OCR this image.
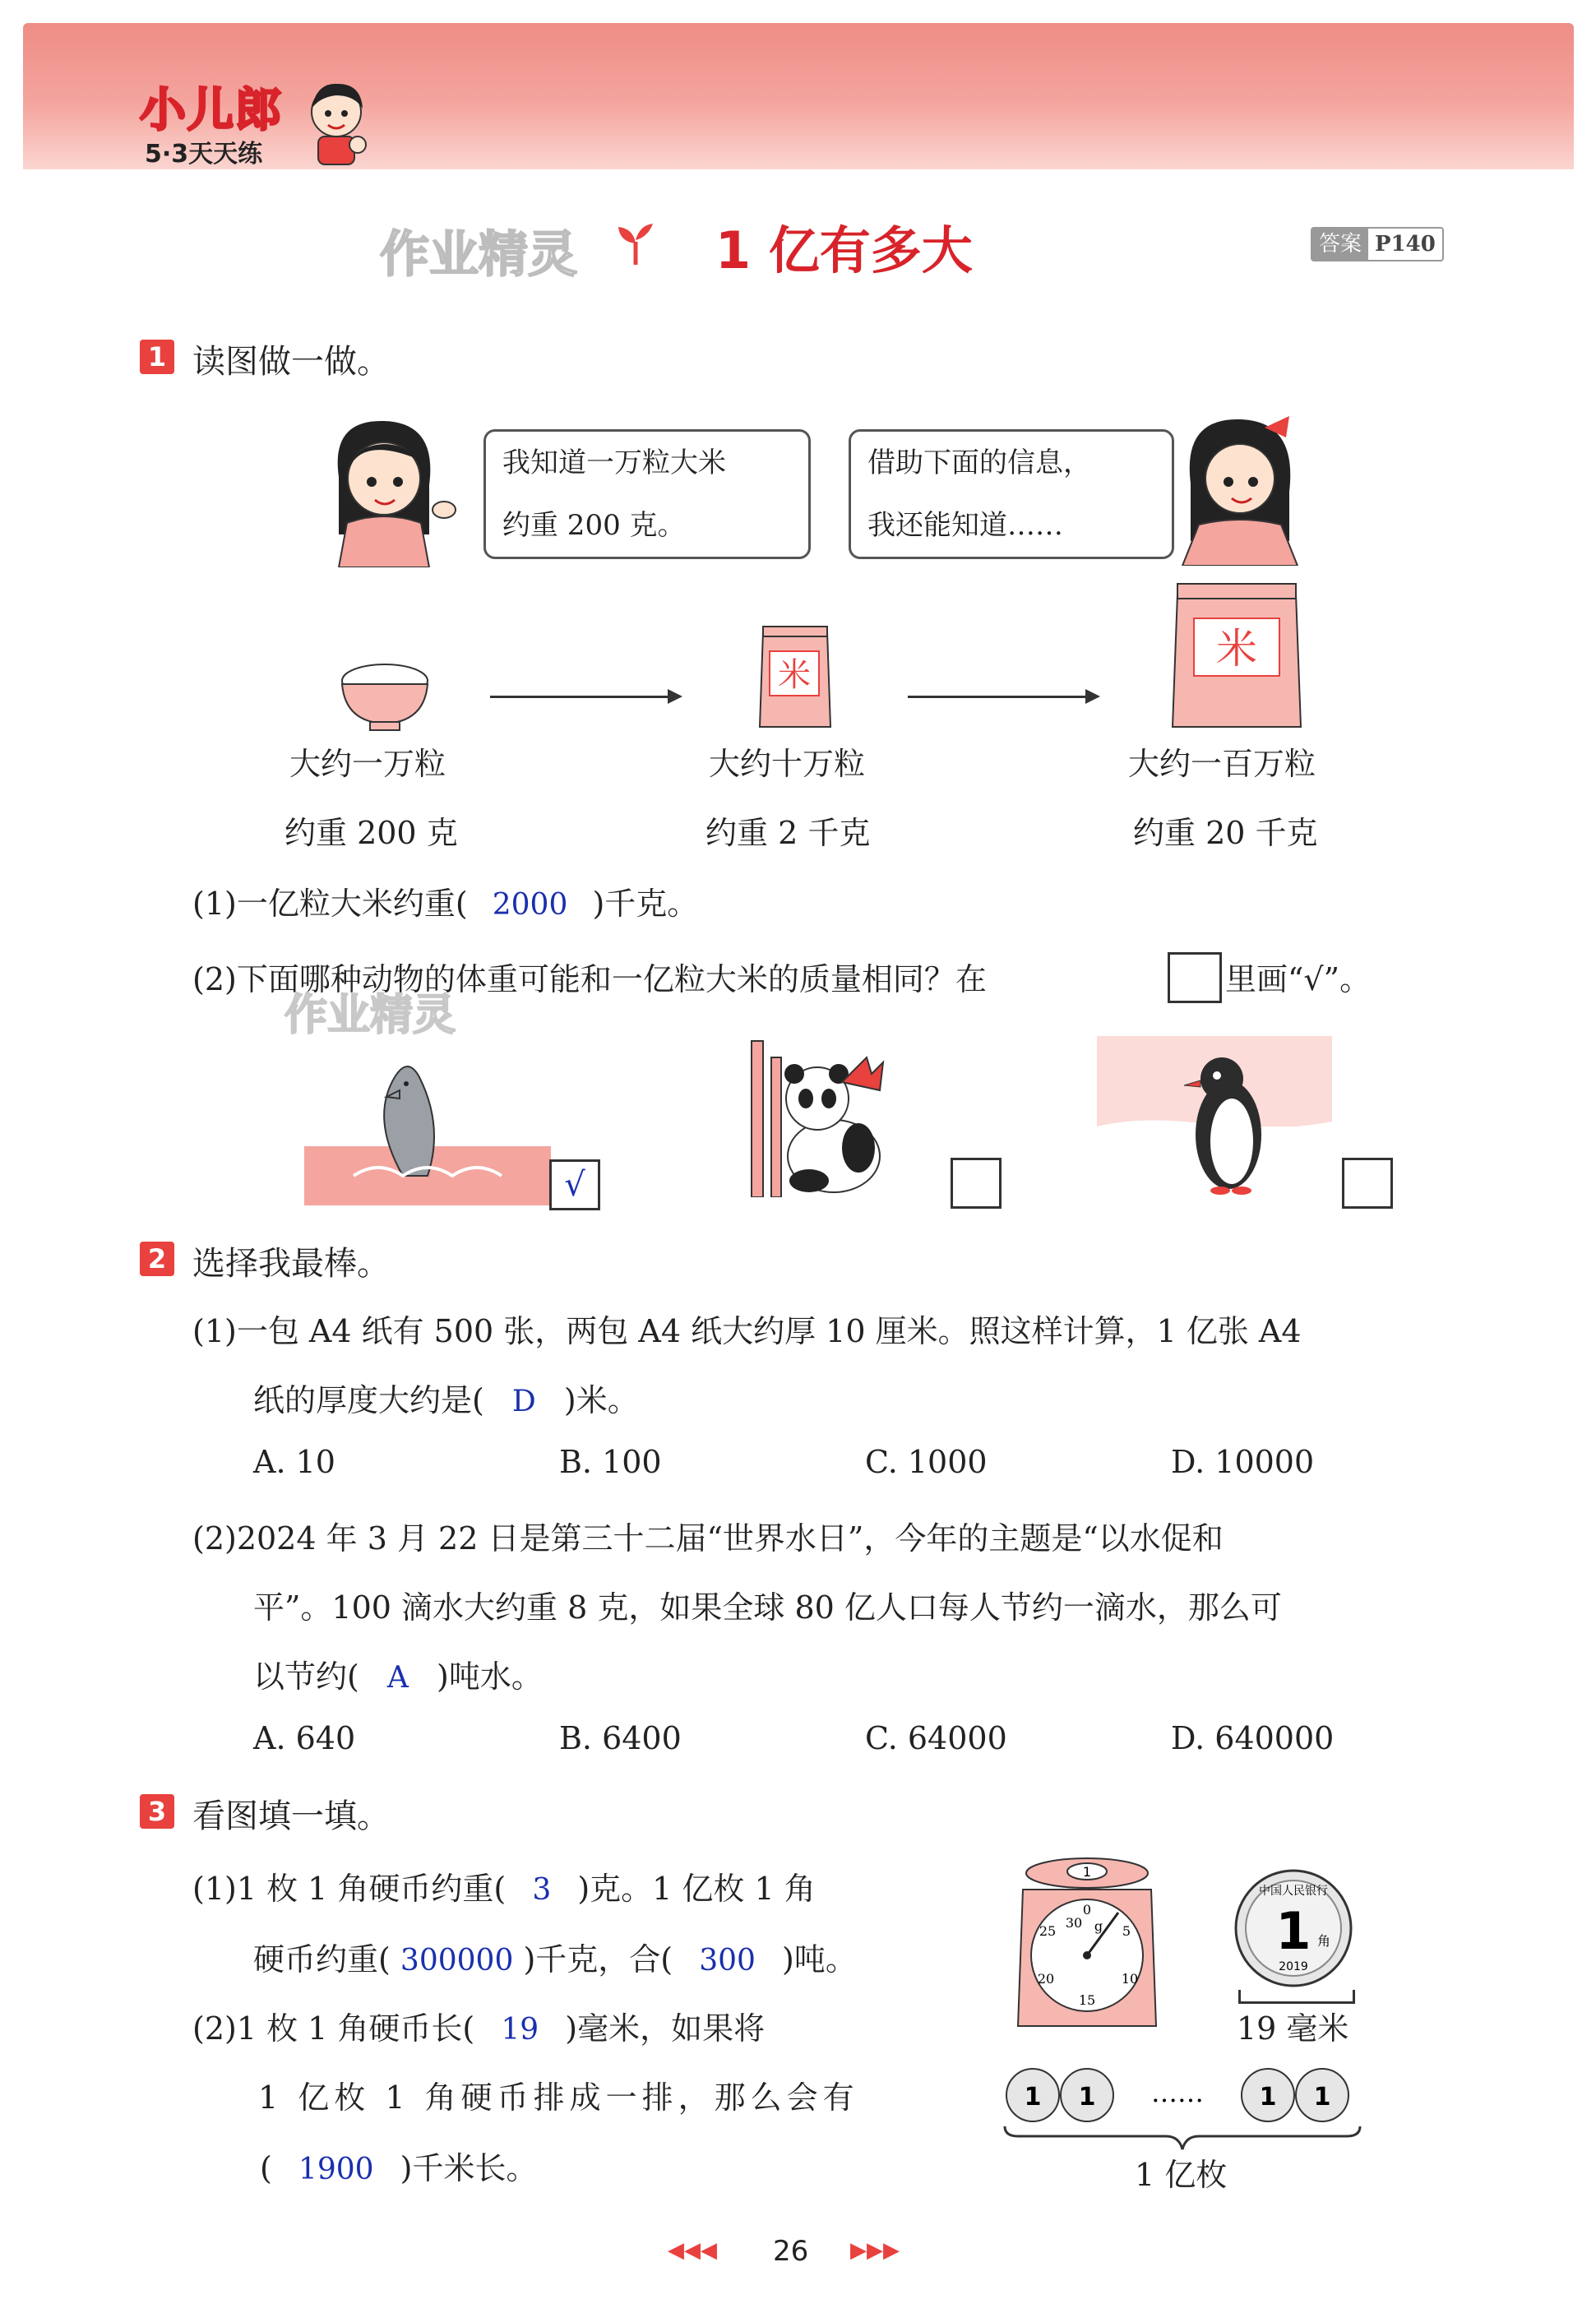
小儿郎
5·3天天练
作业精灵	1 亿有多大	答案 P140
1 读图做一做。
我知道一万粒大米
约重 200 克。
借助下面的信息，
我还能知道……
米
米
大约一万粒	大约十万粒	大约一百万粒
约重 200 克	约重 2 千克	约重 20 千克
(1)一亿粒大米约重( 2000 )千克。
(2)下面哪种动物的体重可能和一亿粒大米的质量相同？在	里画“√”。
作业精灵
√
2 选择我最棒。
(1)一包 A4 纸有 500 张，两包 A4 纸大约厚 10 厘米。照这样计算，1 亿张 A4
纸的厚度大约是( D )米。
A. 10	B. 100	C. 1000	D. 10000
(2)2024 年 3 月 22 日是第三十二届“世界水日”，今年的主题是“以水促和
平”。100 滴水大约重 8 克，如果全球 80 亿人口每人节约一滴水，那么可
以节约( A )吨水。
A. 640	B. 6400	C. 64000	D. 640000
3 看图填一填。
(1)1 枚 1 角硬币约重( 3 )克。1 亿枚 1 角
硬币约重( 300000 )千克，合( 300 )吨。
(2)1 枚 1 角硬币长( 19 )毫米，如果将
1 亿枚 1 角硬币排成一排，那么会有
( 1900 )千米长。
1
0
5
10
15
20
25
30 g
中国人民银行
1 角
2019
19 毫米
1 1	1 1
……
1 亿枚
◀◀◀ 26 ▶▶▶
